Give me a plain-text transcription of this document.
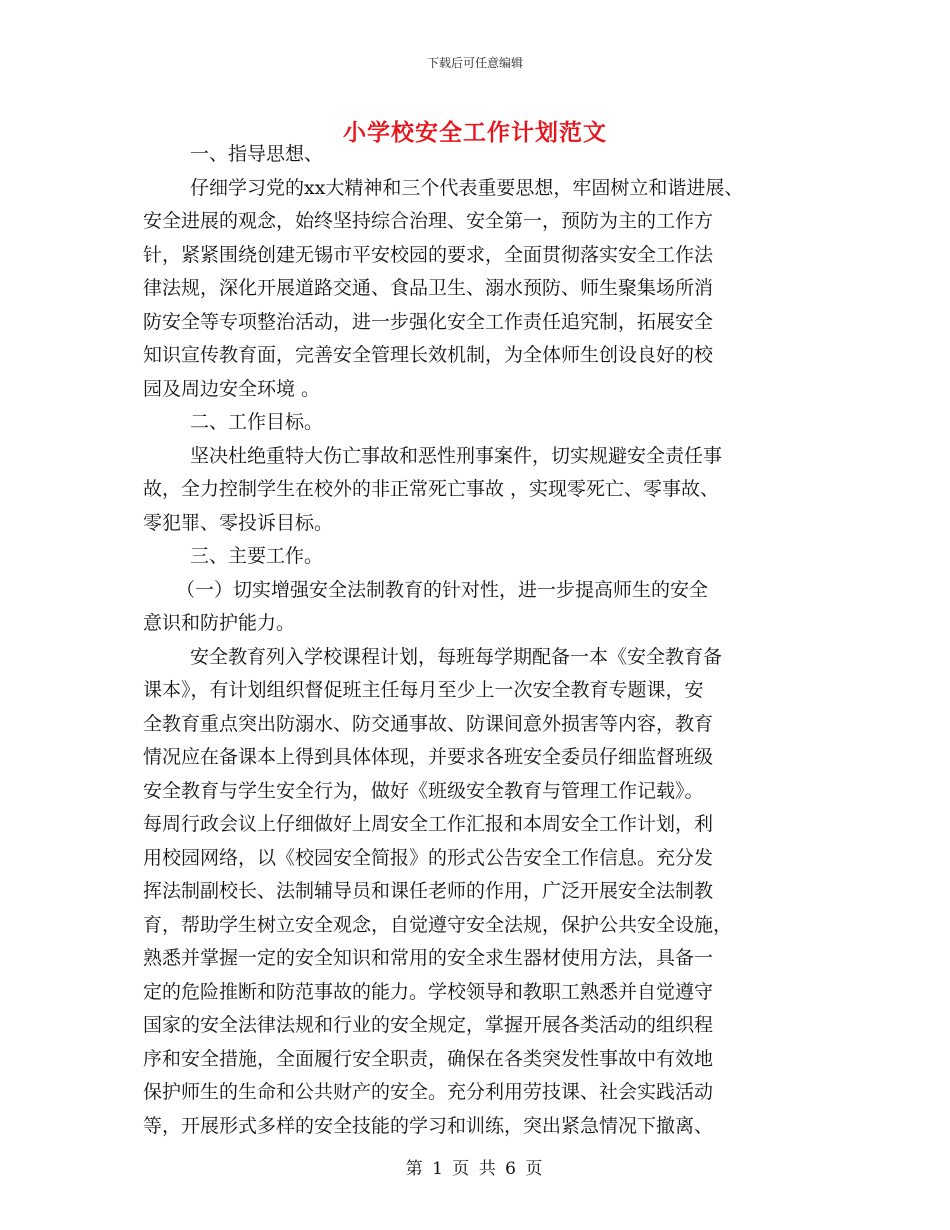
下载后可任意编辑
小学校安全工作计划范文
一、指导思想、
仔细学习党的xx大精神和三个代表重要思想，牢固树立和谐进展、
安全进展的观念，始终坚持综合治理、安全第一，预防为主的工作方
针，紧紧围绕创建无锡市平安校园的要求，全面贯彻落实安全工作法
律法规，深化开展道路交通、食品卫生、溺水预防、师生聚集场所消
防安全等专项整治活动，进一步强化安全工作责任追究制，拓展安全
知识宣传教育面，完善安全管理长效机制，为全体师生创设良好的校
园及周边安全环境 。
二、工作目标。
坚决杜绝重特大伤亡事故和恶性刑事案件，切实规避安全责任事
故，全力控制学生在校外的非正常死亡事故 ，实现零死亡、零事故、
零犯罪、零投诉目标。
三、主要工作。
（一）切实增强安全法制教育的针对性，进一步提高师生的安全
意识和防护能力。
安全教育列入学校课程计划，每班每学期配备一本《安全教育备
课本》，有计划组织督促班主任每月至少上一次安全教育专题课，安
全教育重点突出防溺水、防交通事故、防课间意外损害等内容，教育
情况应在备课本上得到具体体现，并要求各班安全委员仔细监督班级
安全教育与学生安全行为，做好《班级安全教育与管理工作记载》。
每周行政会议上仔细做好上周安全工作汇报和本周安全工作计划，利
用校园网络，以《校园安全简报》的形式公告安全工作信息。充分发
挥法制副校长、法制辅导员和课任老师的作用，广泛开展安全法制教
育，帮助学生树立安全观念，自觉遵守安全法规，保护公共安全设施，
熟悉并掌握一定的安全知识和常用的安全求生器材使用方法，具备一
定的危险推断和防范事故的能力。学校领导和教职工熟悉并自觉遵守
国家的安全法律法规和行业的安全规定，掌握开展各类活动的组织程
序和安全措施，全面履行安全职责，确保在各类突发性事故中有效地
保护师生的生命和公共财产的安全。充分利用劳技课、社会实践活动
等，开展形式多样的安全技能的学习和训练，突出紧急情况下撤离、
第 1 页 共 6 页
